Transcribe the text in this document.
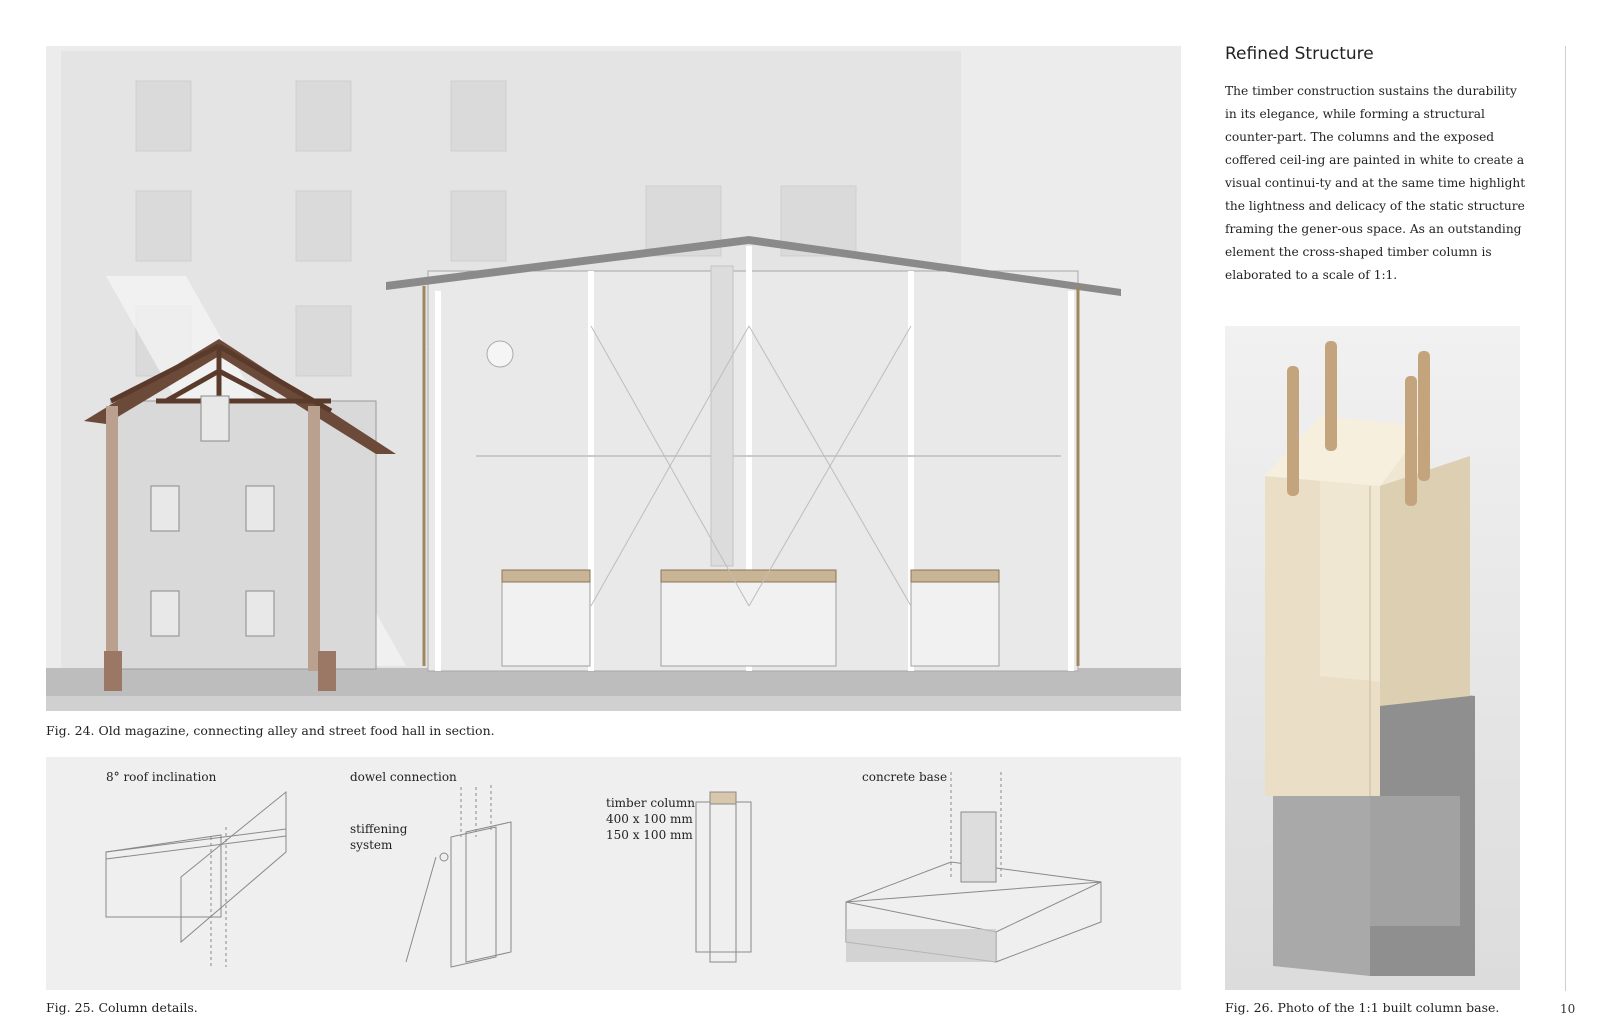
Fig. 24. Old magazine, connecting alley and street food hall in section.
8° roof inclination	dowel connection
stiffening system
timber column
400 x 100 mm
150 x 100 mm
concrete base
Fig. 25. Column details.
Refined Structure
The timber construction sustains the durability in its elegance, while forming a structural counter-part. The columns and the exposed coffered ceil-ing are painted in white to create a visual continui-ty and at the same time highlight the lightness and delicacy of the static structure framing the gener-ous space. As an outstanding element the cross-shaped timber column is elaborated to a scale of 1:1.
Fig. 26. Photo of the 1:1 built column base.	10
